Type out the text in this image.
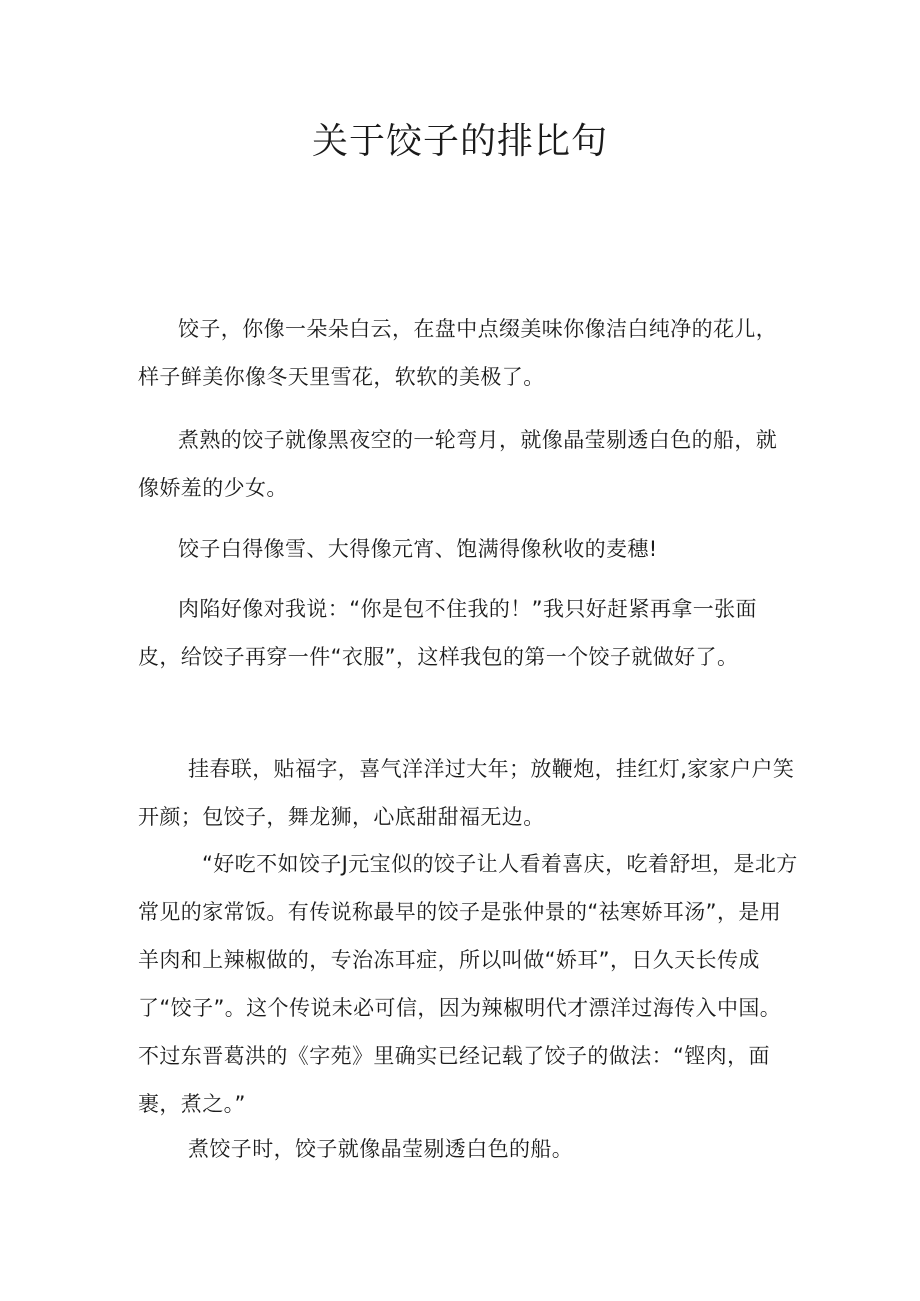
关于饺子的排比句

饺子，你像一朵朵白云，在盘中点缀美味你像洁白纯净的花儿，样子鲜美你像冬天里雪花，软软的美极了。

煮熟的饺子就像黑夜空的一轮弯月，就像晶莹剔透白色的船，就像娇羞的少女。

饺子白得像雪、大得像元宵、饱满得像秋收的麦穗!

肉陷好像对我说：“你是包不住我的！”我只好赶紧再拿一张面皮，给饺子再穿一件“衣服”，这样我包的第一个饺子就做好了。

挂春联，贴福字，喜气洋洋过大年；放鞭炮，挂红灯,家家户户笑开颜；包饺子，舞龙狮，心底甜甜福无边。

“好吃不如饺子J元宝似的饺子让人看着喜庆，吃着舒坦，是北方常见的家常饭。有传说称最早的饺子是张仲景的“祛寒娇耳汤”，是用羊肉和上辣椒做的，专治冻耳症，所以叫做“娇耳”，日久天长传成了“饺子”。这个传说未必可信，因为辣椒明代才漂洋过海传入中国。不过东晋葛洪的《字苑》里确实已经记载了饺子的做法：“铿肉，面裹，煮之。”

煮饺子时，饺子就像晶莹剔透白色的船。
